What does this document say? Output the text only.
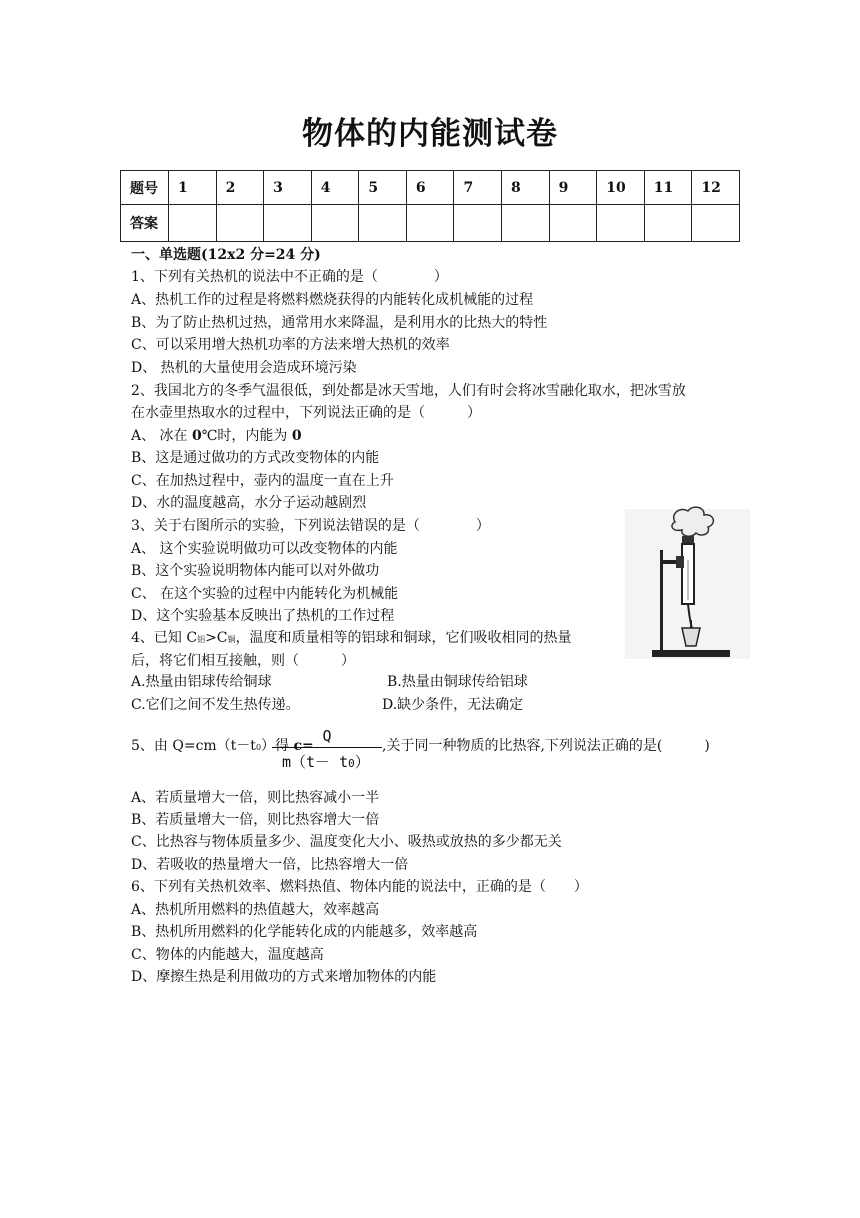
物体的内能测试卷
题号	1	2	3	4	5	6	7	8	9	10	11	12
答案												
一、单选题(12x2 分=24 分)
1、下列有关热机的说法中不正确的是（　　　　）
A、热机工作的过程是将燃料燃烧获得的内能转化成机械能的过程
B、为了防止热机过热，通常用水来降温，是利用水的比热大的特性
C、可以采用增大热机功率的方法来增大热机的效率
D、 热机的大量使用会造成环境污染
2、我国北方的冬季气温很低，到处都是冰天雪地，人们有时会将冰雪融化取水，把冰雪放
在水壶里热取水的过程中，下列说法正确的是（　　　）
A、 冰在 0℃时，内能为 0
B、这是通过做功的方式改变物体的内能
C、在加热过程中，壶内的温度一直在上升
D、水的温度越高，水分子运动越剧烈
3、关于右图所示的实验，下列说法错误的是（　　　　）
A、 这个实验说明做功可以改变物体的内能
B、这个实验说明物体内能可以对外做功
C、 在这个实验的过程中内能转化为机械能
D、这个实验基本反映出了热机的工作过程
4、已知 C铝>C铜，温度和质量相等的铝球和铜球，它们吸收相同的热量
后，将它们相互接触，则（　　　）
A.热量由铝球传给铜球	B.热量由铜球传给铝球
C.它们之间不发生热传递。	D.缺少条件，无法确定
5、由 Q=cm（t－t0）得 c=
Q
m（t－ t0）
,关于同一种物质的比热容,下列说法正确的是(　　　)
A、若质量增大一倍，则比热容减小一半
B、若质量增大一倍，则比热容增大一倍
C、比热容与物体质量多少、温度变化大小、吸热或放热的多少都无关
D、若吸收的热量增大一倍，比热容增大一倍
6、下列有关热机效率、燃料热值、物体内能的说法中，正确的是（　　）
A、热机所用燃料的热值越大，效率越高
B、热机所用燃料的化学能转化成的内能越多，效率越高
C、物体的内能越大，温度越高
D、摩擦生热是利用做功的方式来增加物体的内能
